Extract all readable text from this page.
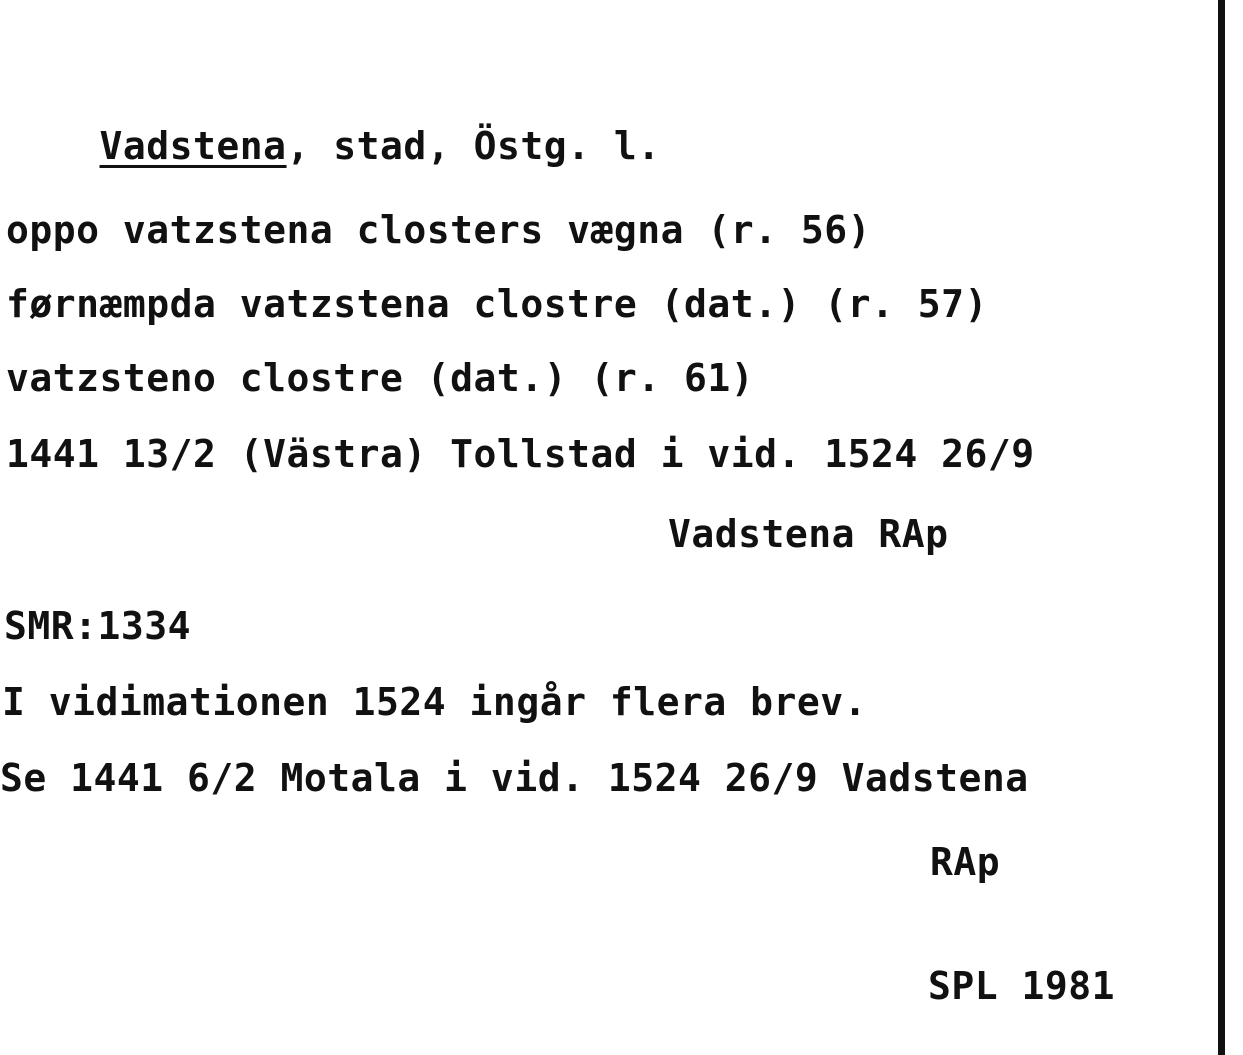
Vadstena, stad, Östg. l.

oppo vatzstena closters vægna (r. 56)
førnæmpda vatzstena clostre (dat.) (r. 57)
vatzsteno clostre (dat.) (r. 61)
1441 13/2 (Västra) Tollstad i vid. 1524 26/9
Vadstena RAp
SMR:1334
I vidimationen 1524 ingår flera brev.
Se 1441 6/2 Motala i vid. 1524 26/9 Vadstena
RAp
SPL 1981
